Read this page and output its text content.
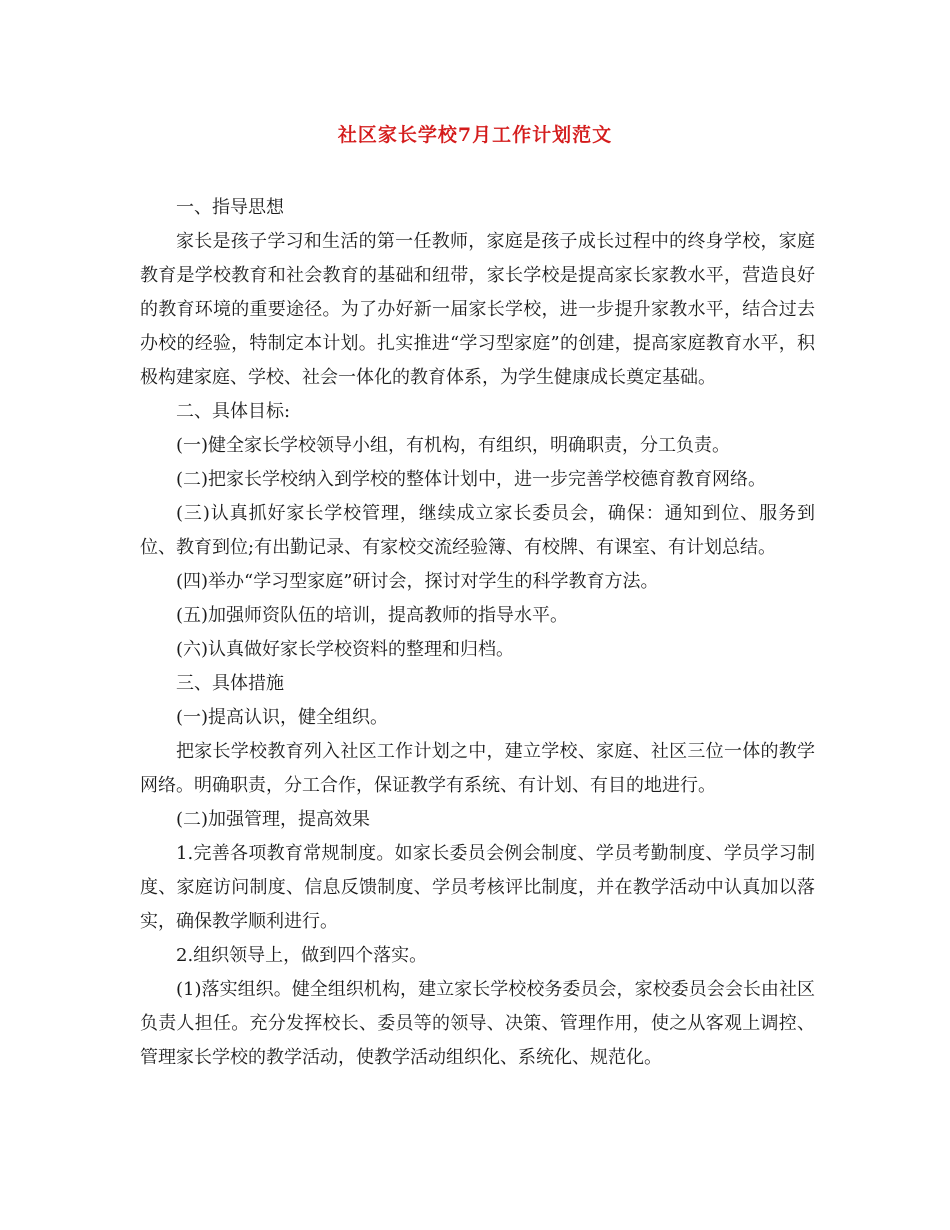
社区家长学校7月工作计划范文

一、指导思想

家长是孩子学习和生活的第一任教师，家庭是孩子成长过程中的终身学校，家庭教育是学校教育和社会教育的基础和纽带，家长学校是提高家长家教水平，营造良好的教育环境的重要途径。为了办好新一届家长学校，进一步提升家教水平，结合过去办校的经验，特制定本计划。扎实推进“学习型家庭”的创建，提高家庭教育水平，积极构建家庭、学校、社会一体化的教育体系，为学生健康成长奠定基础。

二、具体目标:

(一)健全家长学校领导小组，有机构，有组织，明确职责，分工负责。

(二)把家长学校纳入到学校的整体计划中，进一步完善学校德育教育网络。

(三)认真抓好家长学校管理，继续成立家长委员会，确保：通知到位、服务到位、教育到位;有出勤记录、有家校交流经验簿、有校牌、有课室、有计划总结。

(四)举办“学习型家庭”研讨会，探讨对学生的科学教育方法。

(五)加强师资队伍的培训，提高教师的指导水平。

(六)认真做好家长学校资料的整理和归档。

三、具体措施

(一)提高认识，健全组织。

把家长学校教育列入社区工作计划之中，建立学校、家庭、社区三位一体的教学网络。明确职责，分工合作，保证教学有系统、有计划、有目的地进行。

(二)加强管理，提高效果

1.完善各项教育常规制度。如家长委员会例会制度、学员考勤制度、学员学习制度、家庭访问制度、信息反馈制度、学员考核评比制度，并在教学活动中认真加以落实，确保教学顺利进行。

2.组织领导上，做到四个落实。

(1)落实组织。健全组织机构，建立家长学校校务委员会，家校委员会会长由社区负责人担任。充分发挥校长、委员等的领导、决策、管理作用，使之从客观上调控、管理家长学校的教学活动，使教学活动组织化、系统化、规范化。
